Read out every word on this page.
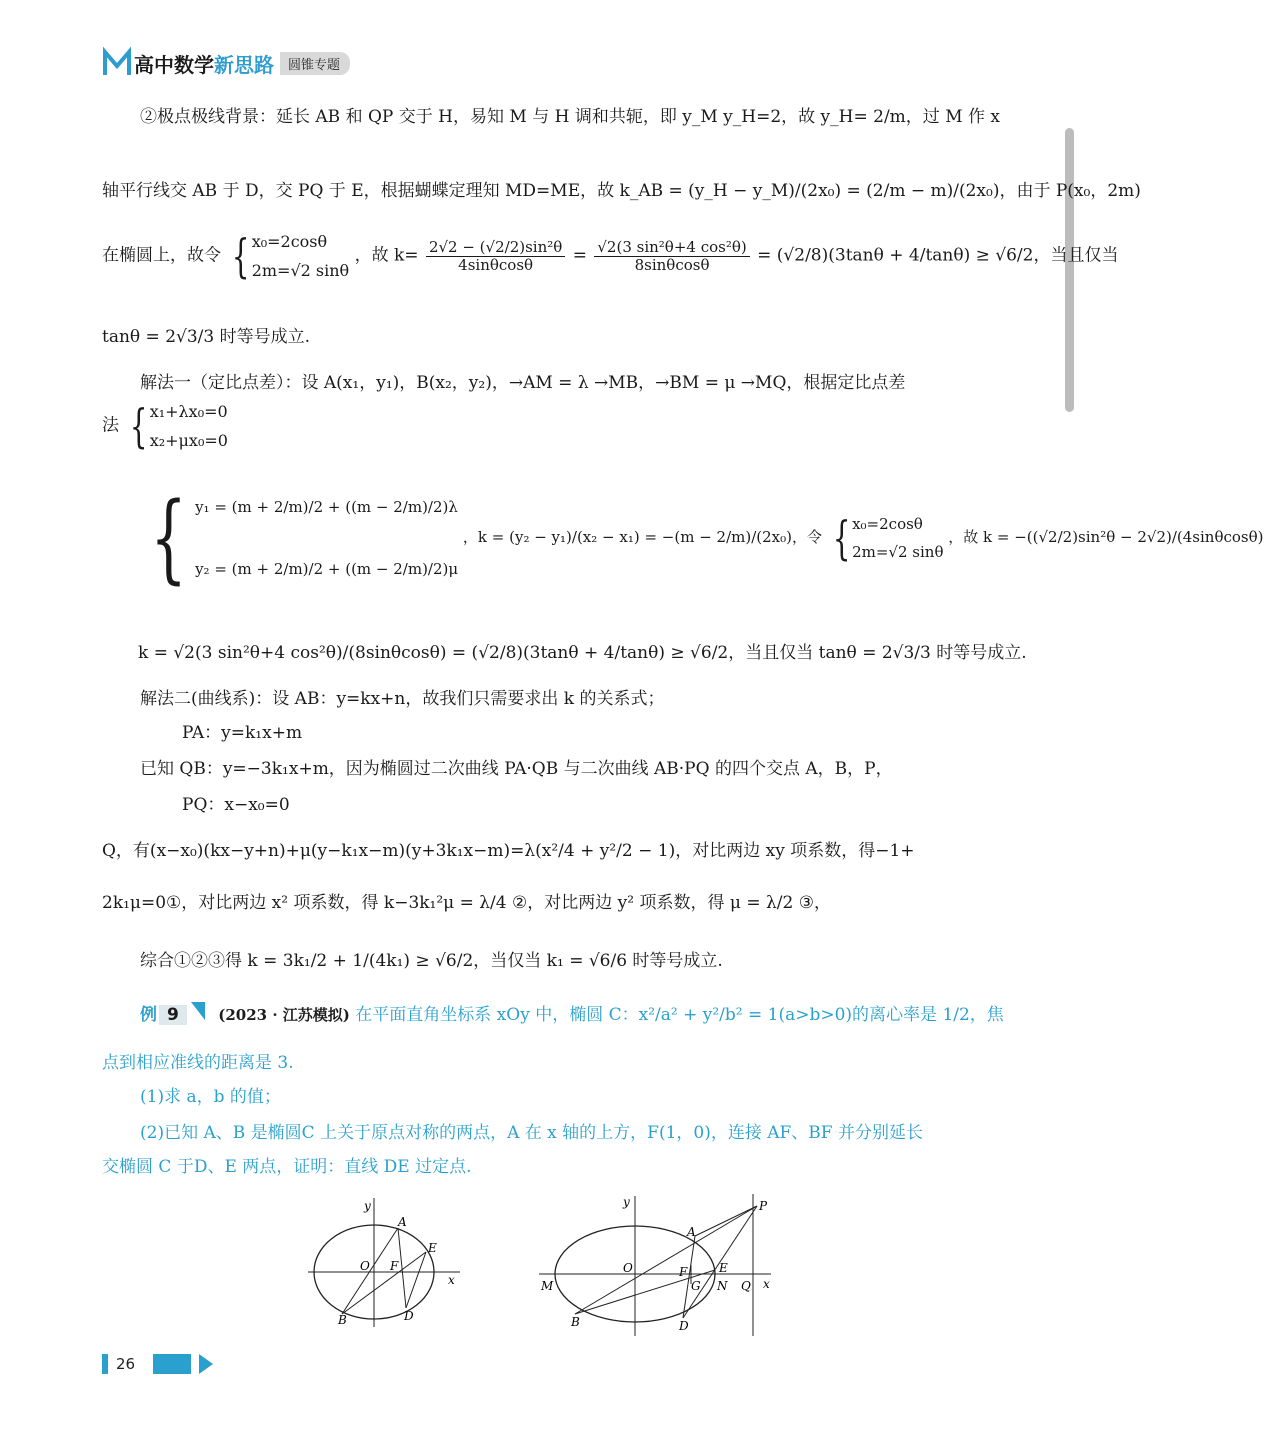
高中数学新思路	圆锥专题
②极点极线背景：延长 AB 和 QP 交于 H，易知 M 与 H 调和共轭，即 y_M y_H=2，故 y_H= 2/m，过 M 作 x
轴平行线交 AB 于 D，交 PQ 于 E，根据蝴蝶定理知 MD=ME，故 k_AB = (y_H − y_M)/(2x₀) = (2/m − m)/(2x₀)，由于 P(x₀，2m)
在椭圆上，故令 { x₀=2cosθ
2m=√2 sinθ
，故 $k= \frac{\text{2√2 − (√2/2)sin²θ}}{4\sin\theta\cos\theta} = \frac{\text{√2(3 sin²θ+4 cos²θ)}}{8\sin\theta\cos\theta} = (√2/8)(3\tan\theta + 4/\tan\theta) \ge √6/2$，当且仅当
tanθ = 2√3/3 时等号成立.
解法一（定比点差）：设 A(x₁，y₁)，B(x₂，y₂)，→AM = λ →MB，→BM = μ →MQ，根据定比点差
法 { x₁+λx₀=0
x₂+μx₀=0
{ y₁ = (m + 2/m)/2 + ((m − 2/m)/2)λ
y₂ = (m + 2/m)/2 + ((m − 2/m)/2)μ
，k = (y₂ − y₁)/(x₂ − x₁) = −(m − 2/m)/(2x₀)，令 { x₀=2cosθ
2m=√2 sinθ
，故 k = −((√2/2)sin²θ − 2√2)/(4sinθcosθ)
k = √2(3 sin²θ+4 cos²θ)/(8sinθcosθ) = (√2/8)(3tanθ + 4/tanθ) ≥ √6/2，当且仅当 tanθ = 2√3/3 时等号成立.
解法二(曲线系)：设 AB：y=kx+n，故我们只需要求出 k 的关系式；
PA：y=k₁x+m
已知 QB：y=−3k₁x+m，因为椭圆过二次曲线 PA·QB 与二次曲线 AB·PQ 的四个交点 A，B，P，
PQ：x−x₀=0
Q，有(x−x₀)(kx−y+n)+μ(y−k₁x−m)(y+3k₁x−m)=λ(x²/4 + y²/2 − 1)，对比两边 xy 项系数，得−1+
2k₁μ=0①，对比两边 x² 项系数，得 k−3k₁²μ = λ/4 ②，对比两边 y² 项系数，得 μ = λ/2 ③，
综合①②③得 k = 3k₁/2 + 1/(4k₁) ≥ √6/2，当仅当 k₁ = √6/6 时等号成立.
例 9	(2023 · 江苏模拟) 在平面直角坐标系 xOy 中，椭圆 C：x²/a² + y²/b² = 1(a>b>0)的离心率是 1/2，焦
点到相应准线的距离是 3.
(1)求 a，b 的值；
(2)已知 A、B 是椭圆C 上关于原点对称的两点，A 在 x 轴的上方，F(1，0)，连接 AF、BF 并分别延长
交椭圆 C 于D、E 两点，证明：直线 DE 过定点.
y
x
O F
A
B	D
E
y
x
O	F
A
B	D
E
G N Q
M
P
26
